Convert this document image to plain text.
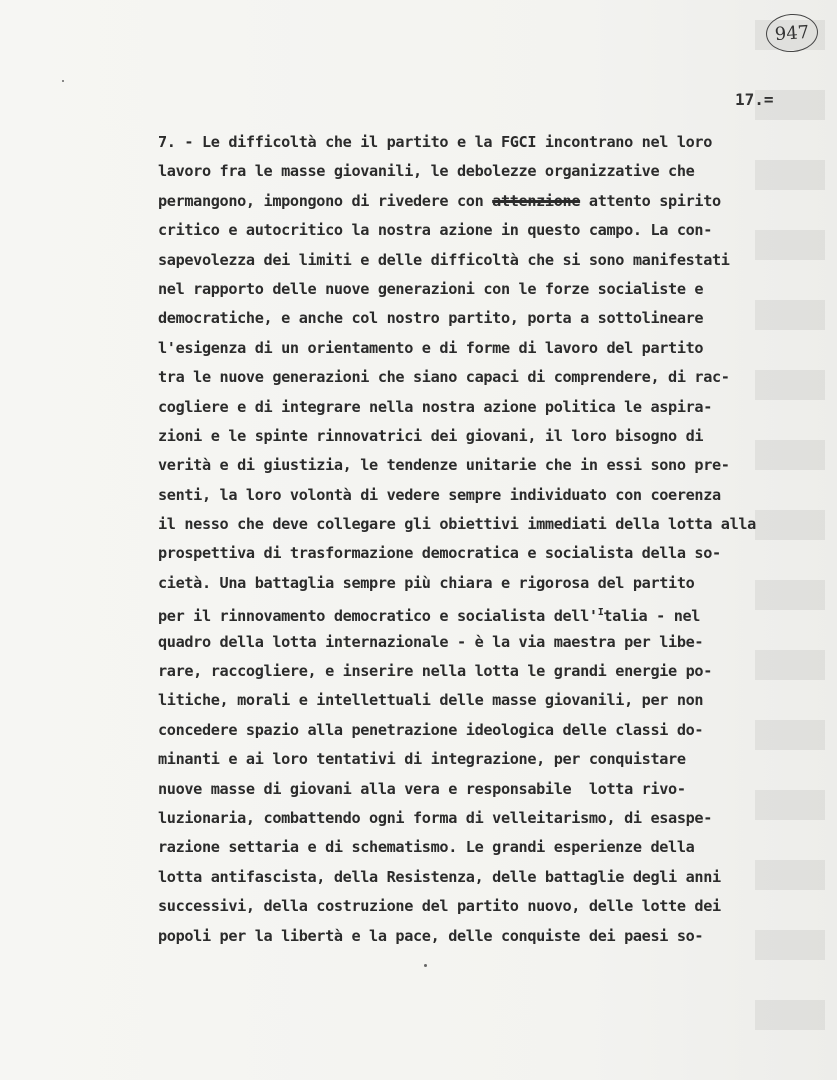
947
17.=
7. - Le difficoltà che il partito e la FGCI incontrano nel loro
lavoro fra le masse giovanili, le debolezze organizzative che
permangono, impongono di rivedere con attenzione attento spirito
critico e autocritico la nostra azione in questo campo. La con-
sapevolezza dei limiti e delle difficoltà che si sono manifestati
nel rapporto delle nuove generazioni con le forze socialiste e
democratiche, e anche col nostro partito, porta a sottolineare
l'esigenza di un orientamento e di forme di lavoro del partito
tra le nuove generazioni che siano capaci di comprendere, di rac-
cogliere e di integrare nella nostra azione politica le aspira-
zioni e le spinte rinnovatrici dei giovani, il loro bisogno di
verità e di giustizia, le tendenze unitarie che in essi sono pre-
senti, la loro volontà di vedere sempre individuato con coerenza
il nesso che deve collegare gli obiettivi immediati della lotta alla
prospettiva di trasformazione democratica e socialista della so-
cietà. Una battaglia sempre più chiara e rigorosa del partito
per il rinnovamento democratico e socialista $dell'^Italia$ - nel
quadro della lotta internazionale - è la via maestra per libe-
rare, raccogliere, e inserire nella lotta le grandi energie po-
litiche, morali e intellettuali delle masse giovanili, per non
concedere spazio alla penetrazione ideologica delle classi do-
minanti e ai loro tentativi di integrazione, per conquistare
nuove masse di giovani alla vera e responsabile  lotta rivo-
luzionaria, combattendo ogni forma di velleitarismo, di esaspe-
razione settaria e di schematismo. Le grandi esperienze della
lotta antifascista, della Resistenza, delle battaglie degli anni
successivi, della costruzione del partito nuovo, delle lotte dei
popoli per la libertà e la pace, delle conquiste dei paesi so-
